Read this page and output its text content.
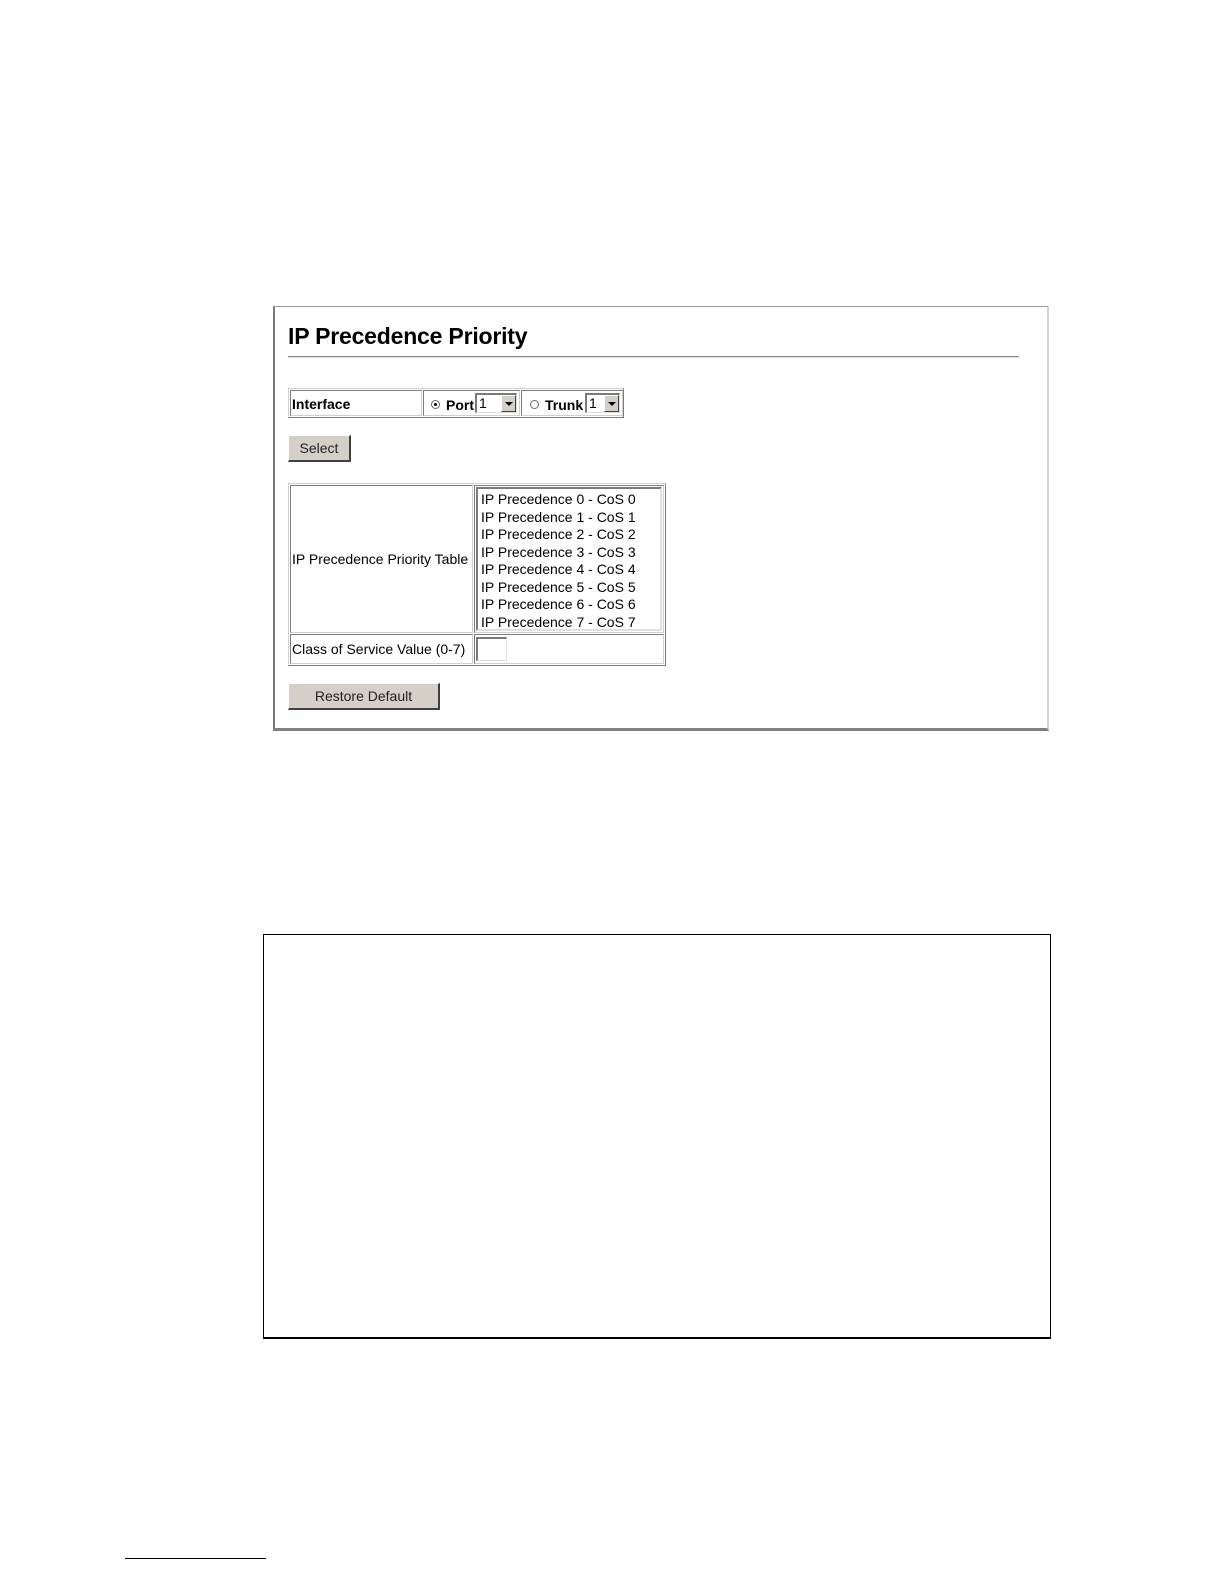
IP Precedence Priority
Interface	Port 1	Trunk 1
Select
IP Precedence Priority Table
IP Precedence 0 - CoS 0
IP Precedence 1 - CoS 1
IP Precedence 2 - CoS 2
IP Precedence 3 - CoS 3
IP Precedence 4 - CoS 4
IP Precedence 5 - CoS 5
IP Precedence 6 - CoS 6
IP Precedence 7 - CoS 7
Class of Service Value (0-7)
Restore Default
